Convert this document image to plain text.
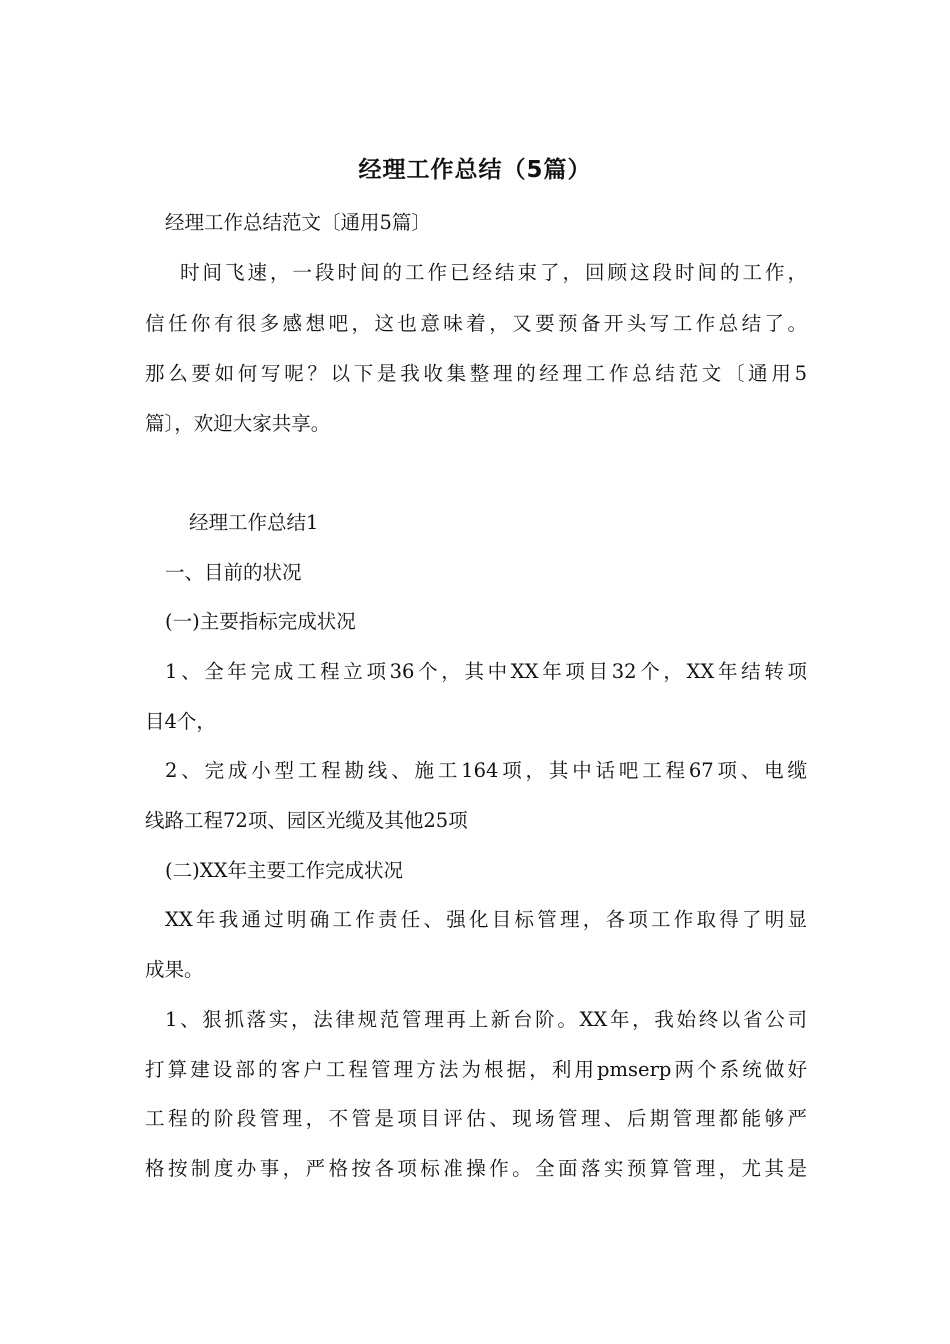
经理工作总结（5篇）
经理工作总结范文〔通用5篇〕
时间飞速，一段时间的工作已经结束了，回顾这段时间的工作，
信任你有很多感想吧，这也意味着，又要预备开头写工作总结了。
那么要如何写呢？以下是我收集整理的经理工作总结范文〔通用5
篇〕，欢迎大家共享。
经理工作总结1
一、目前的状况
(一)主要指标完成状况
1、全年完成工程立项36个，其中XX年项目32个，XX年结转项
目4个，
2、完成小型工程勘线、施工164项，其中话吧工程67项、电缆
线路工程72项、园区光缆及其他25项
(二)XX年主要工作完成状况
XX年我通过明确工作责任、强化目标管理，各项工作取得了明显
成果。
1、狠抓落实，法律规范管理再上新台阶。XX年，我始终以省公司
打算建设部的客户工程管理方法为根据，利用pmserp两个系统做好
工程的阶段管理，不管是项目评估、现场管理、后期管理都能够严
格按制度办事，严格按各项标准操作。全面落实预算管理，尤其是
